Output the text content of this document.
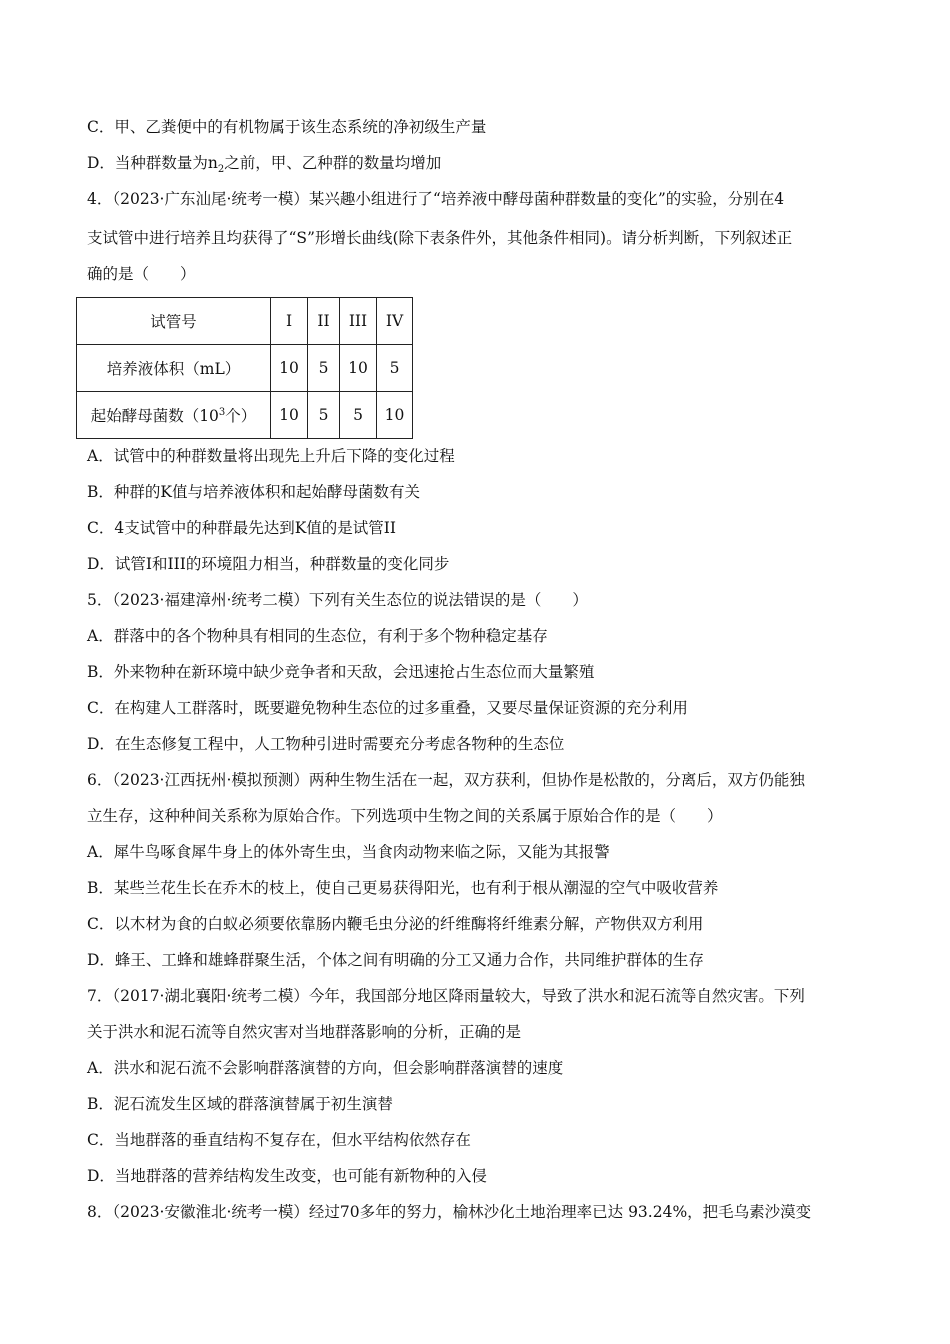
C．甲、乙粪便中的有机物属于该生态系统的净初级生产量
D．当种群数量为$n_2$之前，甲、乙种群的数量均增加
4．（2023·广东汕尾·统考一模）某兴趣小组进行了“培养液中酵母菌种群数量的变化”的实验，分别在4
支试管中进行培养且均获得了“S”形增长曲线(除下表条件外，其他条件相同)。请分析判断，下列叙述正
确的是（　　）
试管号	I	II	III	IV
培养液体积（mL）	10	5	10	5
起始酵母菌数（$10^3$个）	10	5	5	10
A．试管中的种群数量将出现先上升后下降的变化过程
B．种群的K值与培养液体积和起始酵母菌数有关
C．4支试管中的种群最先达到K值的是试管II
D．试管I和III的环境阻力相当，种群数量的变化同步
5．（2023·福建漳州·统考二模）下列有关生态位的说法错误的是（　　）
A．群落中的各个物种具有相同的生态位，有利于多个物种稳定基存
B．外来物种在新环境中缺少竞争者和天敌，会迅速抢占生态位而大量繁殖
C．在构建人工群落时，既要避免物种生态位的过多重叠，又要尽量保证资源的充分利用
D．在生态修复工程中，人工物种引进时需要充分考虑各物种的生态位
6．（2023·江西抚州·模拟预测）两种生物生活在一起，双方获利，但协作是松散的，分离后，双方仍能独
立生存，这种种间关系称为原始合作。下列选项中生物之间的关系属于原始合作的是（　　）
A．犀牛鸟啄食犀牛身上的体外寄生虫，当食肉动物来临之际，又能为其报警
B．某些兰花生长在乔木的枝上，使自己更易获得阳光，也有利于根从潮湿的空气中吸收营养
C．以木材为食的白蚁必须要依靠肠内鞭毛虫分泌的纤维酶将纤维素分解，产物供双方利用
D．蜂王、工蜂和雄蜂群聚生活，个体之间有明确的分工又通力合作，共同维护群体的生存
7．（2017·湖北襄阳·统考二模）今年，我国部分地区降雨量较大，导致了洪水和泥石流等自然灾害。下列
关于洪水和泥石流等自然灾害对当地群落影响的分析，正确的是
A．洪水和泥石流不会影响群落演替的方向，但会影响群落演替的速度
B．泥石流发生区域的群落演替属于初生演替
C．当地群落的垂直结构不复存在，但水平结构依然存在
D．当地群落的营养结构发生改变，也可能有新物种的入侵
8．（2023·安徽淮北·统考一模）经过70多年的努力，榆林沙化土地治理率已达 93.24%，把毛乌素沙漠变
